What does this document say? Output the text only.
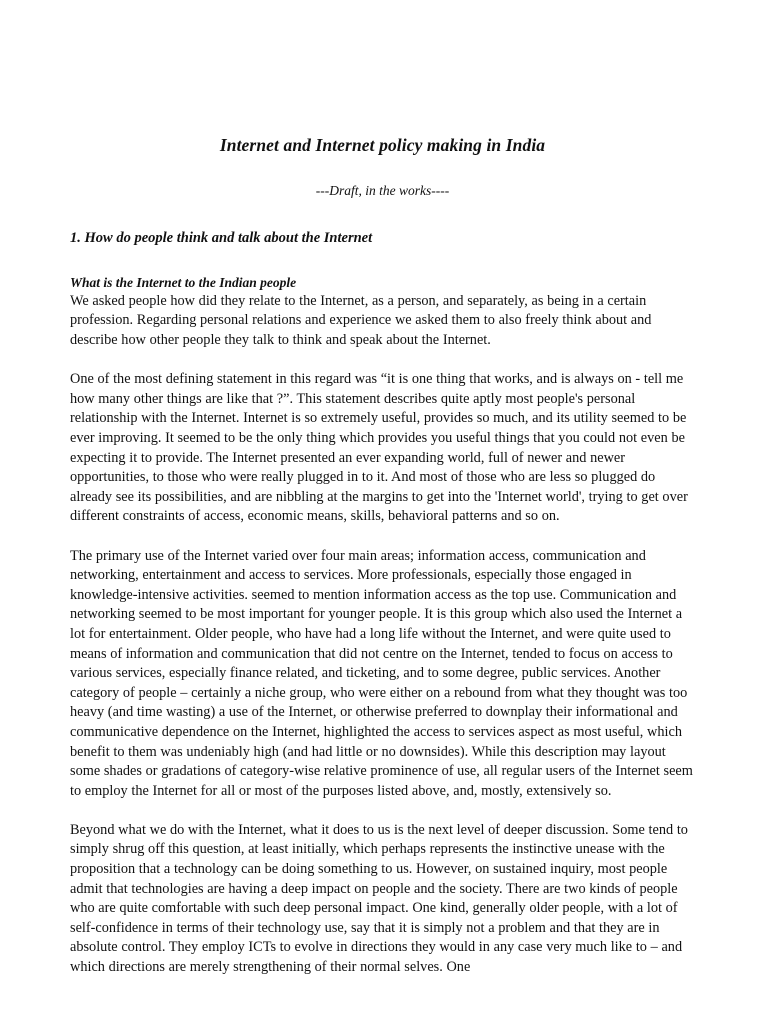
Internet and Internet policy making in India
---Draft, in the works----
1. How do people think and talk about the Internet
What is the Internet to the Indian people

We asked people how did they relate to the Internet, as a person, and separately, as being in a certain profession. Regarding personal relations and experience we asked them to also freely think about and describe how other people they talk to think and speak about the Internet.

One of the most defining statement in this regard was “it is one thing that works, and is always on - tell me how many other things are like that ?”. This statement describes quite aptly most people's personal relationship with the Internet. Internet is so extremely useful, provides so much, and its utility seemed to be ever improving. It seemed to be the only thing which provides you useful things that you could not even be expecting it to provide. The Internet presented an ever expanding world, full of newer and newer opportunities, to those who were really plugged in to it. And most of those who are less so plugged do already see its possibilities, and are nibbling at the margins to get into the 'Internet world', trying to get over different constraints of access, economic means, skills, behavioral patterns and so on.

The primary use of the Internet varied over four main areas; information access, communication and networking, entertainment and access to services. More professionals, especially those engaged in knowledge-intensive activities. seemed to mention information access as the top use. Communication and networking seemed to be most important for younger people. It is this group which also used the Internet a lot for entertainment. Older people, who have had a long life without the Internet, and were quite used to means of information and communication that did not centre on the Internet, tended to focus on access to various services, especially finance related, and ticketing, and to some degree, public services. Another category of people – certainly a niche group, who were either on a rebound from what they thought was too heavy (and time wasting) a use of the Internet, or otherwise preferred to downplay their informational and communicative dependence on the Internet, highlighted the access to services aspect as most useful, which benefit to them was undeniably high (and had little or no downsides). While this description may layout some shades or gradations of category-wise relative prominence of use, all regular users of the Internet seem to employ the Internet for all or most of the purposes listed above, and, mostly, extensively so.

Beyond what we do with the Internet, what it does to us is the next level of deeper discussion. Some tend to simply shrug off this question, at least initially, which perhaps represents the instinctive unease with the proposition that a technology can be doing something to us. However, on sustained inquiry, most people admit that technologies are having a deep impact on people and the society. There are two kinds of people who are quite comfortable with such deep personal impact. One kind, generally older people, with a lot of self-confidence in terms of their technology use, say that it is simply not a problem and that they are in absolute control. They employ ICTs to evolve in directions they would in any case very much like to – and which directions are merely strengthening of their normal selves. One
